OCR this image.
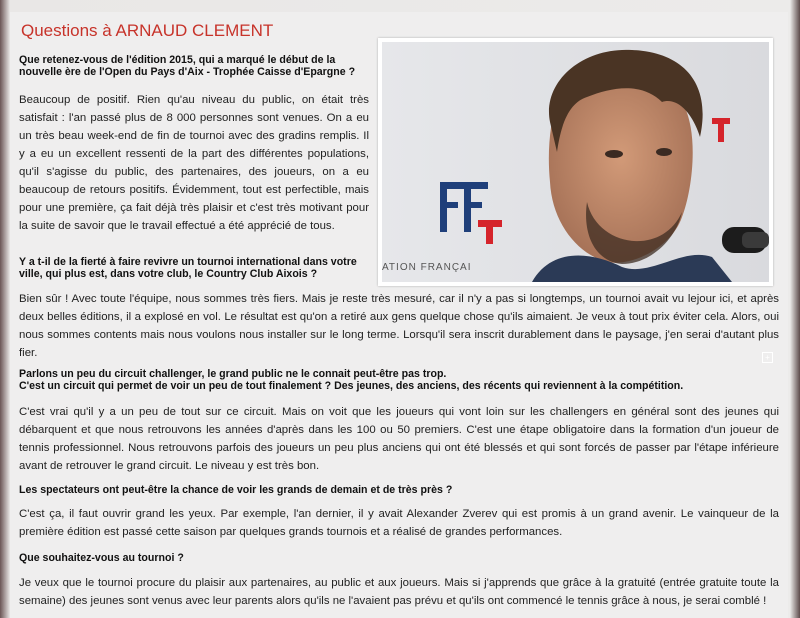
Questions à ARNAUD CLEMENT
ATION FRANÇAI

Que retenez-vous de l'édition 2015, qui a marqué le début de la nouvelle ère de l'Open du Pays d'Aix - Trophée Caisse d'Epargne ?

Beaucoup de positif. Rien qu'au niveau du public, on était très satisfait : l'an passé plus de 8 000 personnes sont venues. On a eu un très beau week-end de fin de tournoi avec des gradins remplis. Il y a eu un excellent ressenti de la part des différentes populations, qu'il s'agisse du public, des partenaires, des joueurs, on a eu beaucoup de retours positifs. Évidemment, tout est perfectible, mais pour une première, ça fait déjà très plaisir et c'est très motivant pour la suite de savoir que le travail effectué a été apprécié de tous.

Y a t-il de la fierté à faire revivre un tournoi international dans votre ville, qui plus est, dans votre club, le Country Club Aixois ?

Bien sûr ! Avec toute l'équipe, nous sommes très fiers. Mais je reste très mesuré, car il n'y a pas si longtemps, un tournoi avait vu lejour ici, et après deux belles éditions, il a explosé en vol. Le résultat est qu'on a retiré aux gens quelque chose qu'ils aimaient. Je veux à tout prix éviter cela. Alors, oui nous sommes contents mais nous voulons nous installer sur le long terme. Lorsqu'il sera inscrit durablement dans le paysage, j'en serai d'autant plus fier.

Parlons un peu du circuit challenger, le grand public ne le connait peut-être pas trop.

C'est un circuit qui permet de voir un peu de tout finalement ? Des jeunes, des anciens, des récents qui reviennent à la compétition.

C'est vrai qu'il y a un peu de tout sur ce circuit. Mais on voit que les joueurs qui vont loin sur les challengers en général sont des jeunes qui débarquent et que nous retrouvons les années d'après dans les 100 ou 50 premiers. C'est une étape obligatoire dans la formation d'un joueur de tennis professionnel. Nous retrouvons parfois des joueurs un peu plus anciens qui ont été blessés et qui sont forcés de passer par l'étape inférieure avant de retrouver le grand circuit. Le niveau y est très bon.

Les spectateurs ont peut-être la chance de voir les grands de demain et de très près ?

C'est ça, il faut ouvrir grand les yeux. Par exemple, l'an dernier, il y avait Alexander Zverev qui est promis à un grand avenir. Le vainqueur de la première édition est passé cette saison par quelques grands tournois et a réalisé de grandes performances.

Que souhaitez-vous au tournoi ?

Je veux que le tournoi procure du plaisir aux partenaires, au public et aux joueurs. Mais si j'apprends que grâce à la gratuité (entrée gratuite toute la semaine) des jeunes sont venus avec leur parents alors qu'ils ne l'avaient pas prévu et qu'ils ont commencé le tennis grâce à nous, je serai comblé !

+
